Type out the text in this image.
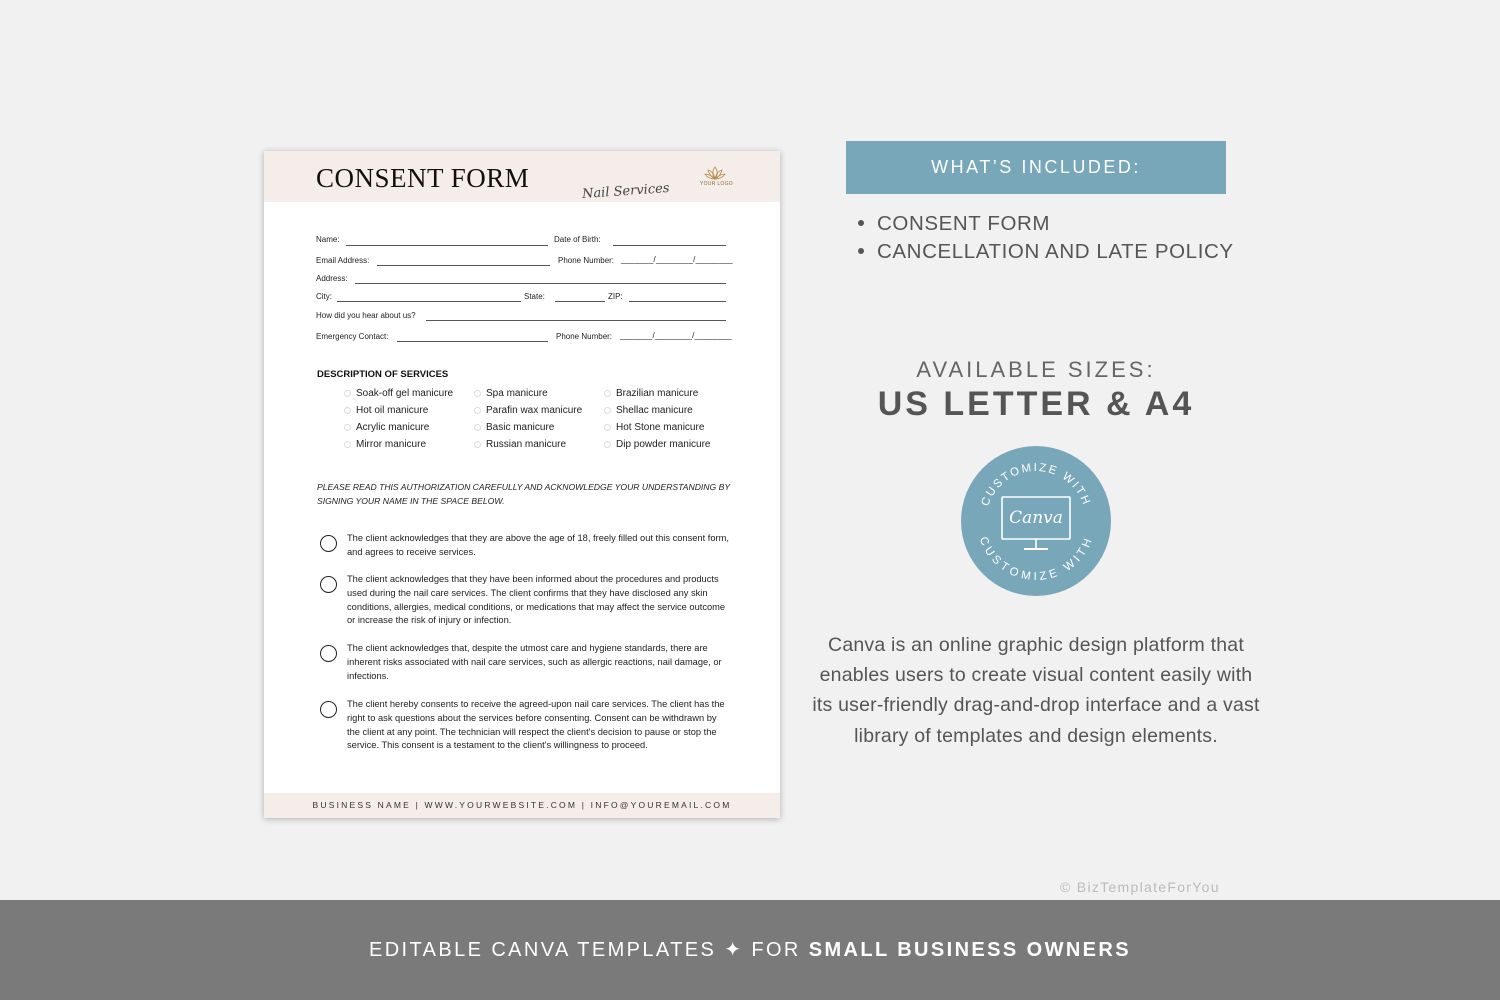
CONSENT FORM	Nail Services	YOUR LOGO
Name:	Date of Birth:
Email Address:	Phone Number: _______/________/________
Address:
City:	State:	ZIP:
How did you hear about us?
Emergency Contact:	Phone Number: _______/________/________
DESCRIPTION OF SERVICES
Soak-off gel manicure	Spa manicure	Brazilian manicure
Hot oil manicure	Parafin wax manicure	Shellac manicure
Acrylic manicure	Basic manicure	Hot Stone manicure
Mirror manicure	Russian manicure	Dip powder manicure
PLEASE READ THIS AUTHORIZATION CAREFULLY AND ACKNOWLEDGE YOUR UNDERSTANDING BY SIGNING YOUR NAME IN THE SPACE BELOW.
The client acknowledges that they are above the age of 18, freely filled out this consent form, and agrees to receive services.
The client acknowledges that they have been informed about the procedures and products used during the nail care services. The client confirms that they have disclosed any skin conditions, allergies, medical conditions, or medications that may affect the service outcome or increase the risk of injury or infection.
The client acknowledges that, despite the utmost care and hygiene standards, there are inherent risks associated with nail care services, such as allergic reactions, nail damage, or infections.
The client hereby consents to receive the agreed-upon nail care services. The client has the right to ask questions about the services before consenting. Consent can be withdrawn by the client at any point. The technician will respect the client's decision to pause or stop the service. This consent is a testament to the client's willingness to proceed.
BUSINESS NAME | WWW.YOURWEBSITE.COM | INFO@YOUREMAIL.COM
WHAT’S INCLUDED:
CONSENT FORM
CANCELLATION AND LATE POLICY
AVAILABLE SIZES:
US LETTER & A4
CUSTOMIZE WITH
CUSTOMIZE WITH
Canva
Canva is an online graphic design platform that enables users to create visual content easily with its user-friendly drag-and-drop interface and a vast library of templates and design elements.
© BizTemplateForYou
EDITABLE CANVA TEMPLATES ✦ FOR SMALL BUSINESS OWNERS
